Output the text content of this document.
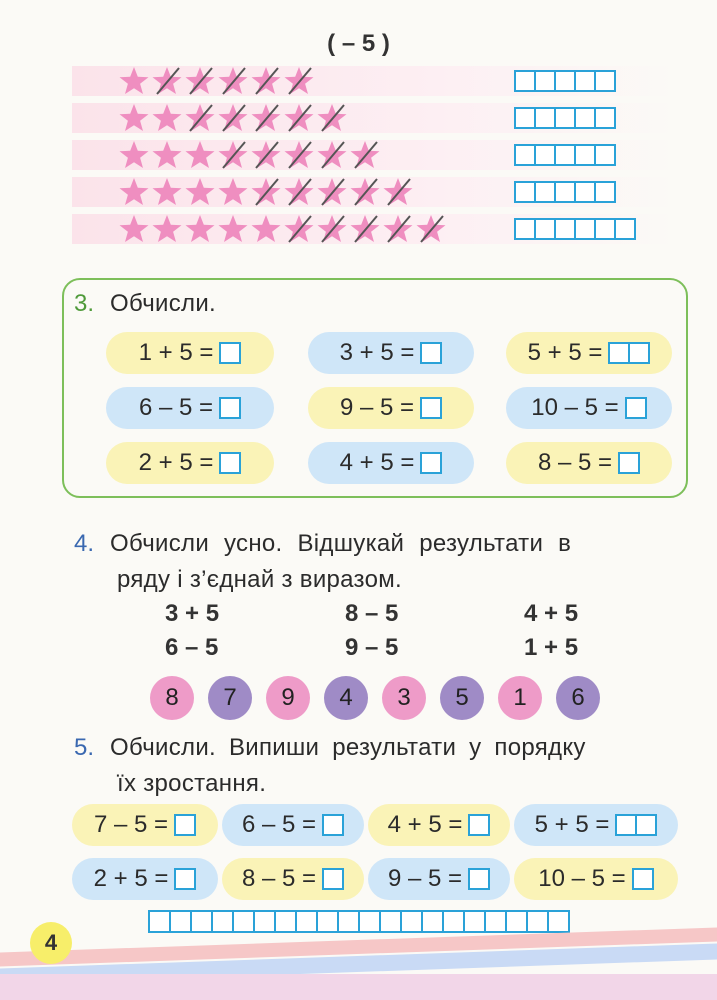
( – 5 )
3. Обчисли.
1 + 5 =	3 + 5 =	5 + 5 =
6 – 5 =	9 – 5 =	10 – 5 =
2 + 5 =	4 + 5 =	8 – 5 =
4. Обчисли усно. Відшукай результати в
ряду і з’єднай з виразом.
3 + 5	8 – 5	4 + 5
6 – 5	9 – 5	1 + 5
8	7	9	4	3	5	1	6
5. Обчисли. Випиши результати у порядку
їх зростання.
7 – 5 =	6 – 5 =	4 + 5 =	5 + 5 =
2 + 5 =	8 – 5 =	9 – 5 =	10 – 5 =
4
